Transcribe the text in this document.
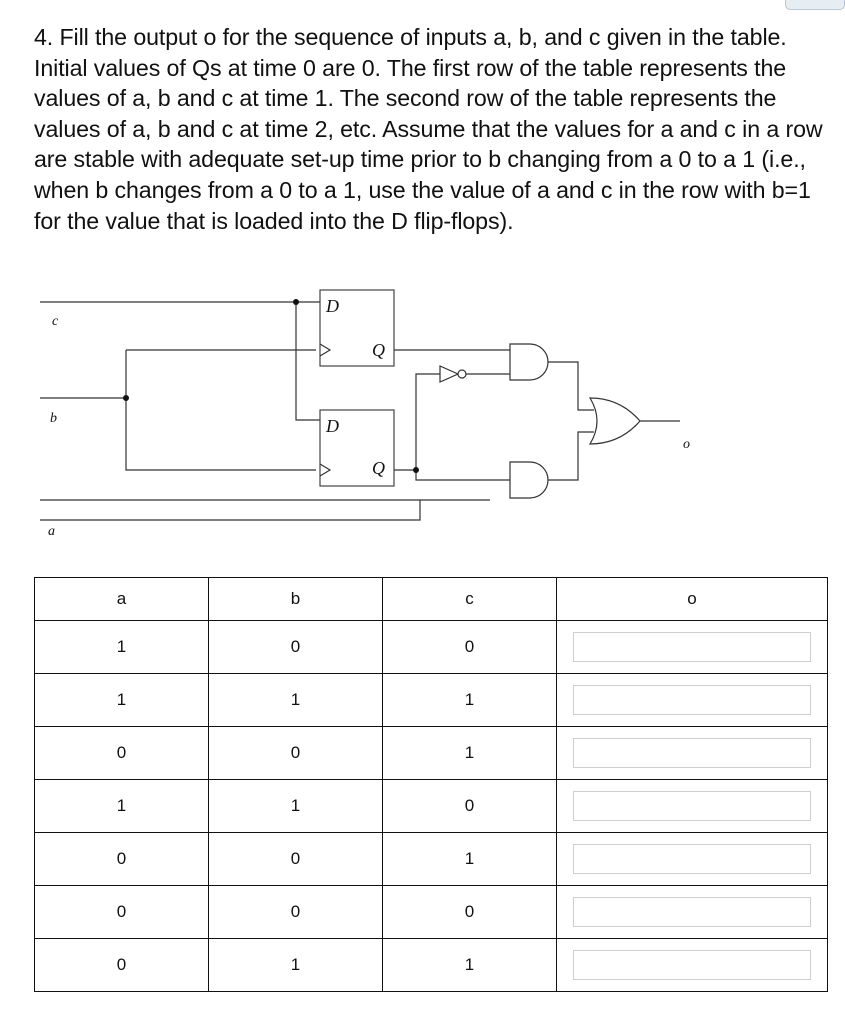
4. Fill the output o for the sequence of inputs a, b, and c given in the table. Initial values of Qs at time 0 are 0. The first row of the table represents the values of a, b and c at time 1. The second row of the table represents the values of a, b and c at time 2, etc. Assume that the values for a and c in a row are stable with adequate set-up time prior to b changing from a 0 to a 1 (i.e., when b changes from a 0 to a 1, use the value of a and c in the row with b=1 for the value that is loaded into the D flip-flops).

c
b
a
o
D
Q
D
Q
a	b	c	o
1	0	0	

1	1	1	

0	0	1	

1	1	0	

0	0	1	

0	0	0	

0	1	1	
